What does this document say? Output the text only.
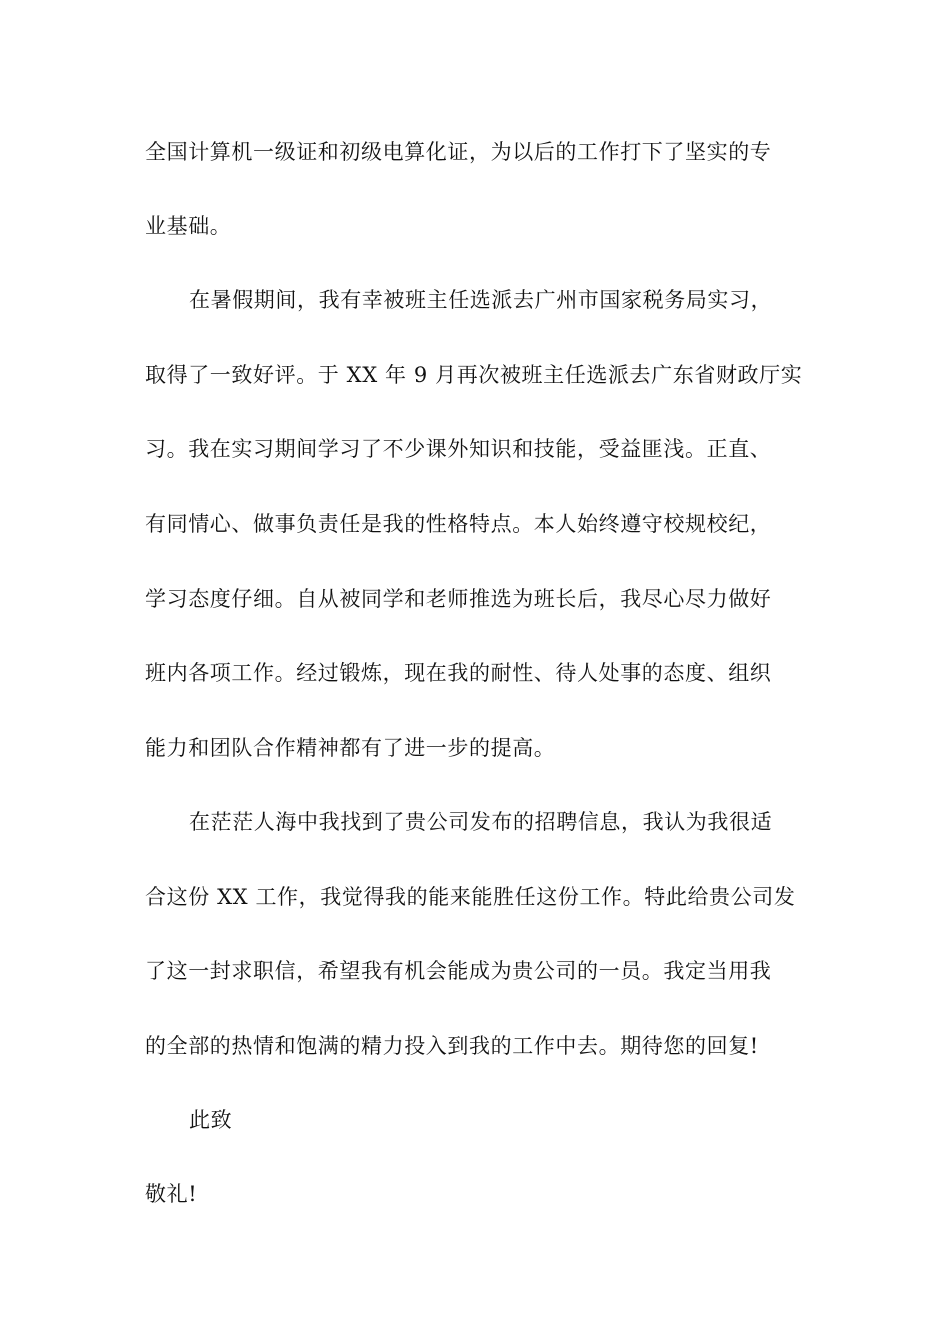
全国计算机一级证和初级电算化证，为以后的工作打下了坚实的专
业基础。
在暑假期间，我有幸被班主任选派去广州市国家税务局实习，
取得了一致好评。于 XX 年 9 月再次被班主任选派去广东省财政厅实
习。我在实习期间学习了不少课外知识和技能，受益匪浅。正直、
有同情心、做事负责任是我的性格特点。本人始终遵守校规校纪，
学习态度仔细。自从被同学和老师推选为班长后，我尽心尽力做好
班内各项工作。经过锻炼，现在我的耐性、待人处事的态度、组织
能力和团队合作精神都有了进一步的提高。
在茫茫人海中我找到了贵公司发布的招聘信息，我认为我很适
合这份 XX 工作，我觉得我的能来能胜任这份工作。特此给贵公司发
了这一封求职信，希望我有机会能成为贵公司的一员。我定当用我
的全部的热情和饱满的精力投入到我的工作中去。期待您的回复!
此致
敬礼!
